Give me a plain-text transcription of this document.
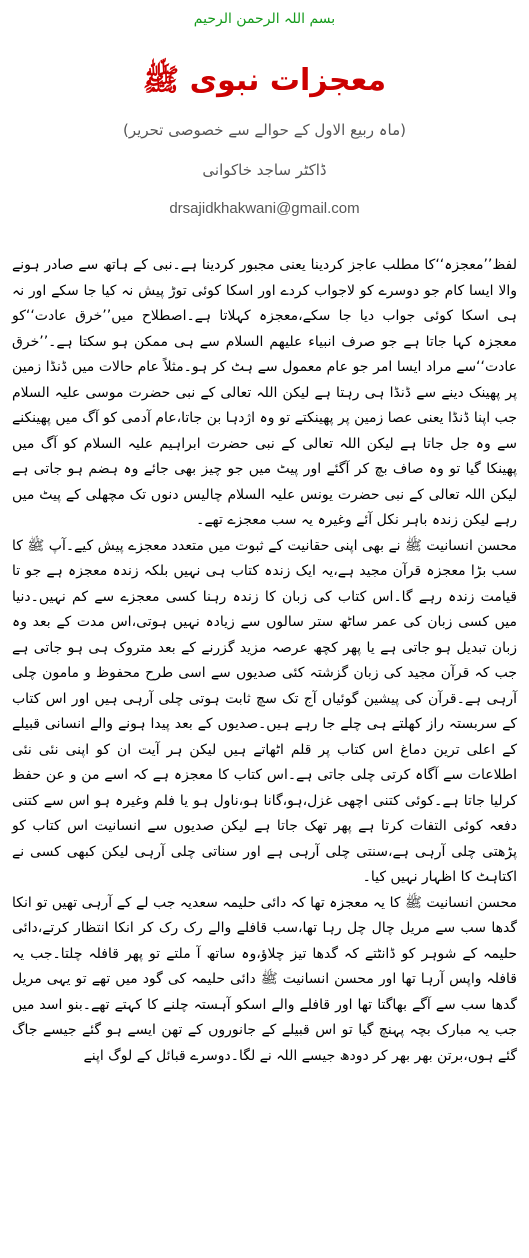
بسم اللہ الرحمن الرحیم
معجزات نبوی ﷺ
(ماہ ربیع الاول کے حوالے سے خصوصی تحریر)
ڈاکٹر ساجد خاکوانی
drsajidkhakwani@gmail.com

لفظ’’معجزہ‘‘کا مطلب عاجز کردینا یعنی مجبور کردینا ہے۔نبی کے ہاتھ سے صادر ہونے والا ایسا کام جو دوسرے کو لاجواب کردے اور اسکا کوئی توڑ پیش نہ کیا جا سکے اور نہ ہی اسکا کوئی جواب دیا جا سکے،معجزہ کہلاتا ہے۔اصطلاح میں’’خرق عادت‘‘کو معجزہ کہا جاتا ہے جو صرف انبیاء علیھم السلام سے ہی ممکن ہو سکتا ہے۔’’خرق عادت‘‘سے مراد ایسا امر جو عام معمول سے ہٹ کر ہو۔مثلاً عام حالات میں ڈنڈا زمین پر پھینک دینے سے ڈنڈا ہی رہتا ہے لیکن اللہ تعالی کے نبی حضرت موسی علیہ السلام جب اپنا ڈنڈا یعنی عصا زمین پر پھینکتے تو وہ اژدہا بن جاتا،عام آدمی کو آگ میں پھینکنے سے وہ جل جاتا ہے لیکن اللہ تعالی کے نبی حضرت ابراہیم علیہ السلام کو آگ میں پھینکا گیا تو وہ صاف بچ کر آگئے اور پیٹ میں جو چیز بھی جائے وہ ہضم ہو جاتی ہے لیکن اللہ تعالی کے نبی حضرت یونس علیہ السلام چالیس دنوں تک مچھلی کے پیٹ میں رہے لیکن زندہ باہر نکل آئے وغیرہ یہ سب معجزے تھے۔

محسن انسانیت ﷺ نے بھی اپنی حقانیت کے ثبوت میں متعدد معجزے پیش کیے۔آپ ﷺ کا سب بڑا معجزہ قرآن مجید ہے،یہ ایک زندہ کتاب ہی نہیں بلکہ زندہ معجزہ ہے جو تا قیامت زندہ رہے گا۔اس کتاب کی زبان کا زندہ رہنا کسی معجزے سے کم نہیں۔دنیا میں کسی زبان کی عمر ساٹھ ستر سالوں سے زیادہ نہیں ہوتی،اس مدت کے بعد وہ زبان تبدیل ہو جاتی ہے یا پھر کچھ عرصہ مزید گزرنے کے بعد متروک ہی ہو جاتی ہے جب کہ قرآن مجید کی زبان گزشتہ کئی صدیوں سے اسی طرح محفوظ و مامون چلی آرہی ہے۔قرآن کی پیشین گوئیاں آج تک سچ ثابت ہوتی چلی آرہی ہیں اور اس کتاب کے سربستہ راز کھلتے ہی چلے جا رہے ہیں۔صدیوں کے بعد پیدا ہونے والے انسانی قبیلے کے اعلی ترین دماغ اس کتاب پر قلم اٹھاتے ہیں لیکن ہر آیت ان کو اپنی نئی نئی اطلاعات سے آگاہ کرتی چلی جاتی ہے۔اس کتاب کا معجزہ ہے کہ اسے من و عن حفظ کرلیا جاتا ہے۔کوئی کتنی اچھی غزل،ہو،گانا ہو،ناول ہو یا فلم وغیرہ ہو اس سے کتنی دفعہ کوئی التفات کرتا ہے پھر تھک جاتا ہے لیکن صدیوں سے انسانیت اس کتاب کو پڑھتی چلی آرہی ہے،سنتی چلی آرہی ہے اور سناتی چلی آرہی لیکن کبھی کسی نے اکتاہٹ کا اظہار نہیں کیا۔

محسن انسانیت ﷺ کا یہ معجزہ تھا کہ دائی حلیمہ سعدیہ جب لے کے آرہی تھیں تو انکا گدھا سب سے مریل چال چل رہا تھا،سب قافلے والے رک رک کر انکا انتظار کرتے،دائی حلیمہ کے شوہر کو ڈانٹتے کہ گدھا تیز چلاؤ،وہ ساتھ آ ملتے تو پھر قافلہ چلتا۔جب یہ قافلہ واپس آرہا تھا اور محسن انسانیت ﷺ دائی حلیمہ کی گود میں تھے تو یہی مریل گدھا سب سے آگے بھاگتا تھا اور قافلے والے اسکو آہستہ چلنے کا کہتے تھے۔بنو اسد میں جب یہ مبارک بچہ پہنچ گیا تو اس قبیلے کے جانوروں کے تھن ایسے ہو گئے جیسے جاگ گئے ہوں،برتن بھر بھر کر دودھ جیسے اللہ نے لگا۔دوسرے قبائل کے لوگ اپنے
